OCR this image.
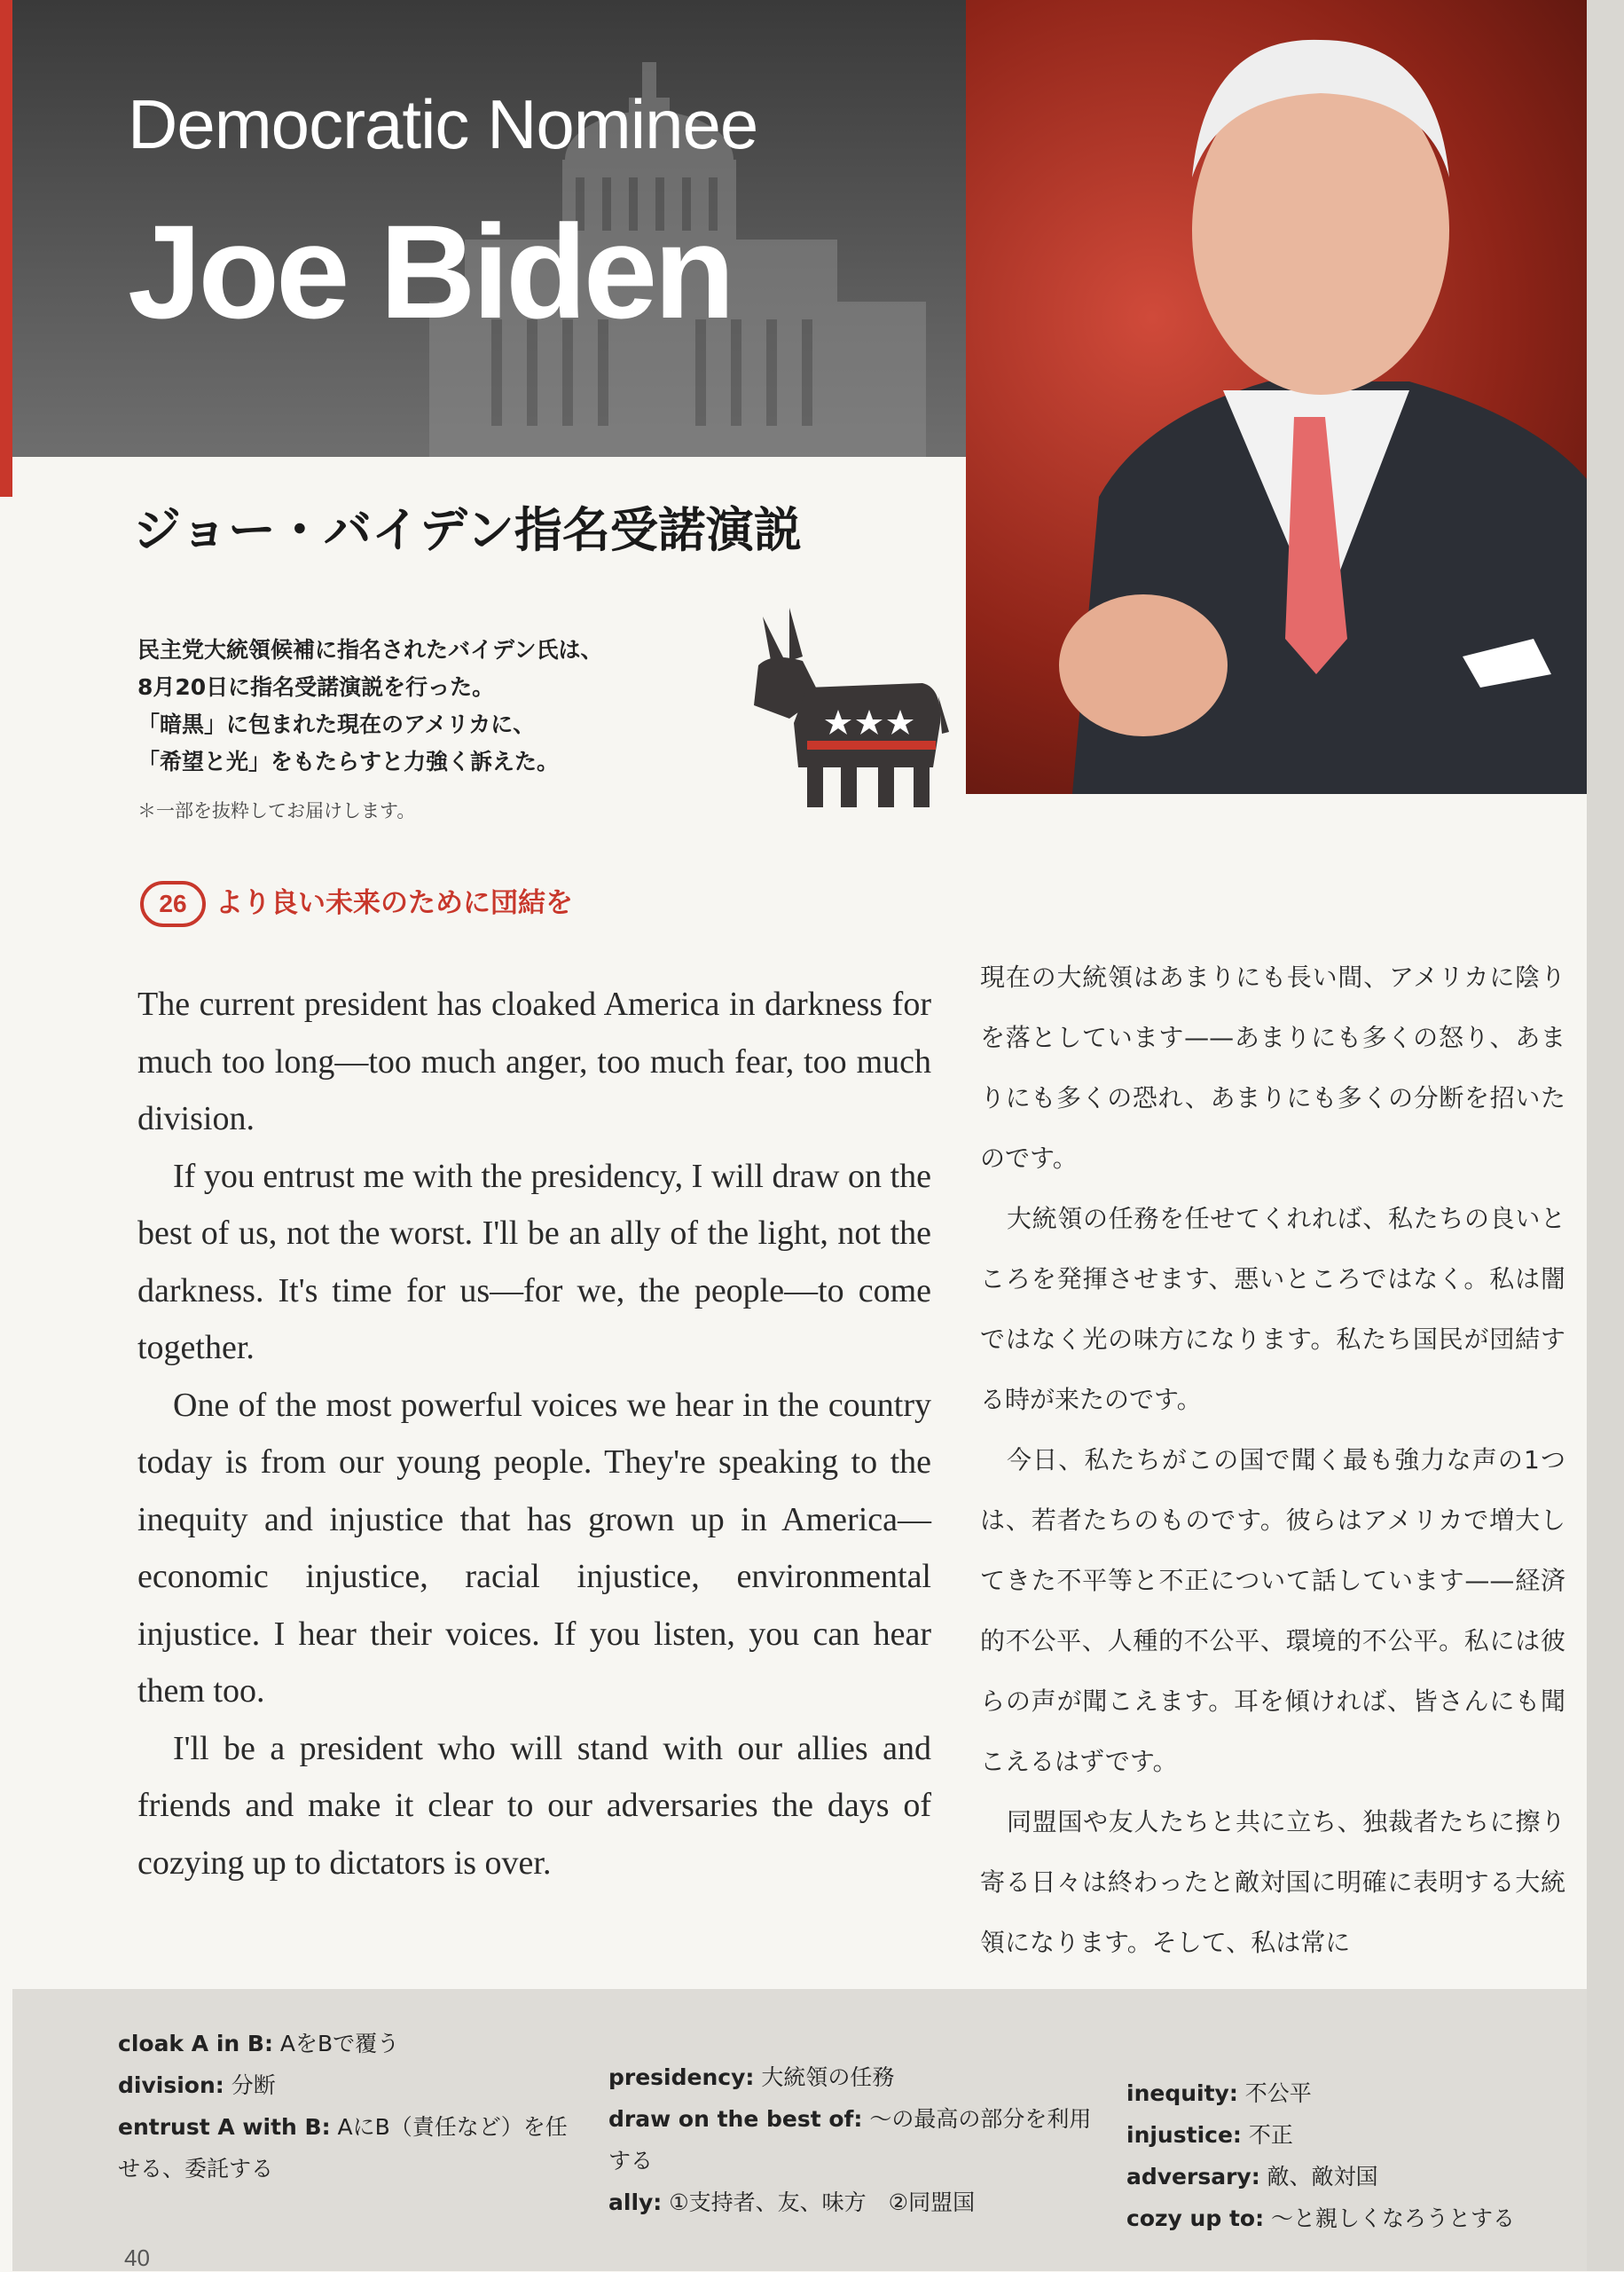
Democratic Nominee
Joe Biden
ジョー・バイデン指名受諾演説
民主党大統領候補に指名されたバイデン氏は、
8月20日に指名受諾演説を行った。
「暗黒」に包まれた現在のアメリカに、
「希望と光」をもたらすと力強く訴えた。
＊一部を抜粋してお届けします。
26	より良い未来のために団結を

The current president has cloaked America in darkness for much too long—too much anger, too much fear, too much division.

If you entrust me with the presidency, I will draw on the best of us, not the worst. I'll be an ally of the light, not the darkness. It's time for us—for we, the people—to come together.

One of the most powerful voices we hear in the country today is from our young people. They're speaking to the inequity and injustice that has grown up in America—economic injustice, racial injustice, environmental injustice. I hear their voices. If you listen, you can hear them too.

I'll be a president who will stand with our allies and friends and make it clear to our adversaries the days of cozying up to dictators is over.

現在の大統領はあまりにも長い間、アメリカに陰りを落としています——あまりにも多くの怒り、あまりにも多くの恐れ、あまりにも多くの分断を招いたのです。

大統領の任務を任せてくれれば、私たちの良いところを発揮させます、悪いところではなく。私は闇ではなく光の味方になります。私たち国民が団結する時が来たのです。

今日、私たちがこの国で聞く最も強力な声の1つは、若者たちのものです。彼らはアメリカで増大してきた不平等と不正について話しています——経済的不公平、人種的不公平、環境的不公平。私には彼らの声が聞こえます。耳を傾ければ、皆さんにも聞こえるはずです。

同盟国や友人たちと共に立ち、独裁者たちに擦り寄る日々は終わったと敵対国に明確に表明する大統領になります。そして、私は常に

cloak A in B: AをBで覆う
division: 分断
entrust A with B: AにB（責任など）を任せる、委託する
presidency: 大統領の任務
draw on the best of: ～の最高の部分を利用する
ally: ①支持者、友、味方　②同盟国
inequity: 不公平
injustice: 不正
adversary: 敵、敵対国
cozy up to: ～と親しくなろうとする
40
